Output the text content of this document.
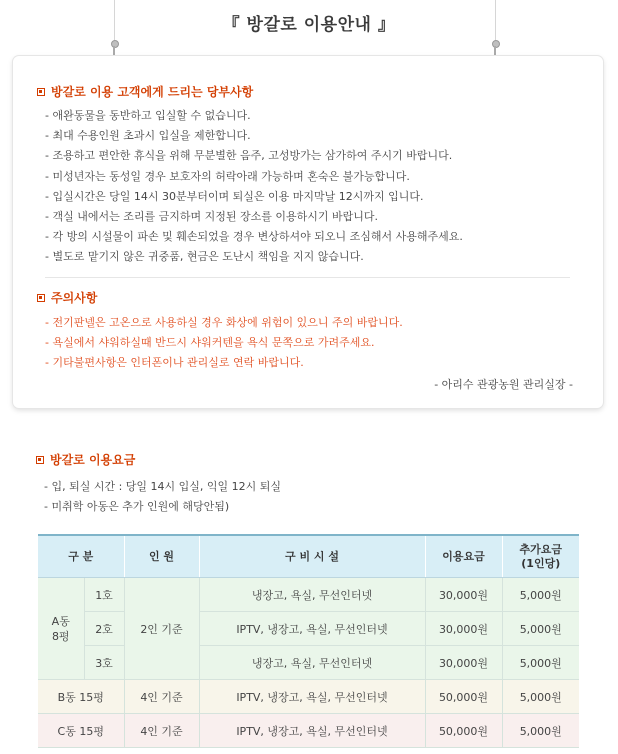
『 방갈로 이용안내 』
방갈로 이용 고객에게 드리는 당부사항
- 애완동물을 동반하고 입실할 수 없습니다.
- 최대 수용인원 초과시 입실을 제한합니다.
- 조용하고 편안한 휴식을 위해 무분별한 음주, 고성방가는 삼가하여 주시기 바랍니다.
- 미성년자는 동성일 경우 보호자의 허락아래 가능하며 혼숙은 불가능합니다.
- 입실시간은 당일 14시 30분부터이며 퇴실은 이용 마지막날 12시까지 입니다.
- 객실 내에서는 조리를 금지하며 지정된 장소를 이용하시기 바랍니다.
- 각 방의 시설물이 파손 및 훼손되었을 경우 변상하셔야 되오니 조심해서 사용해주세요.
- 별도로 맡기지 않은 귀중품, 현금은 도난시 책임을 지지 않습니다.
주의사항
- 전기판넬은 고온으로 사용하실 경우 화상에 위험이 있으니 주의 바랍니다.
- 욕실에서 샤워하실때 반드시 샤워커텐을 욕식 문쪽으로 가려주세요.
- 기타불편사항은 인터폰이나 관리실로 연락 바랍니다.
- 아리수 관광농원 관리실장 -
방갈로 이용요금
- 입, 퇴실 시간 : 당일 14시 입실, 익일 12시 퇴실
- 미취학 아동은 추가 인원에 해당안됨)
구 분		인 원	구 비 시 설	이용요금	추가요금
(1인당)
A동
8평	1호	2인 기준	냉장고, 욕실, 무선인터넷	30,000원	5,000원
	2호		IPTV, 냉장고, 욕실, 무선인터넷	30,000원	5,000원
	3호		냉장고, 욕실, 무선인터넷	30,000원	5,000원
B동 15평		4인 기준	IPTV, 냉장고, 욕실, 무선인터넷	50,000원	5,000원
C동 15평		4인 기준	IPTV, 냉장고, 욕실, 무선인터넷	50,000원	5,000원
